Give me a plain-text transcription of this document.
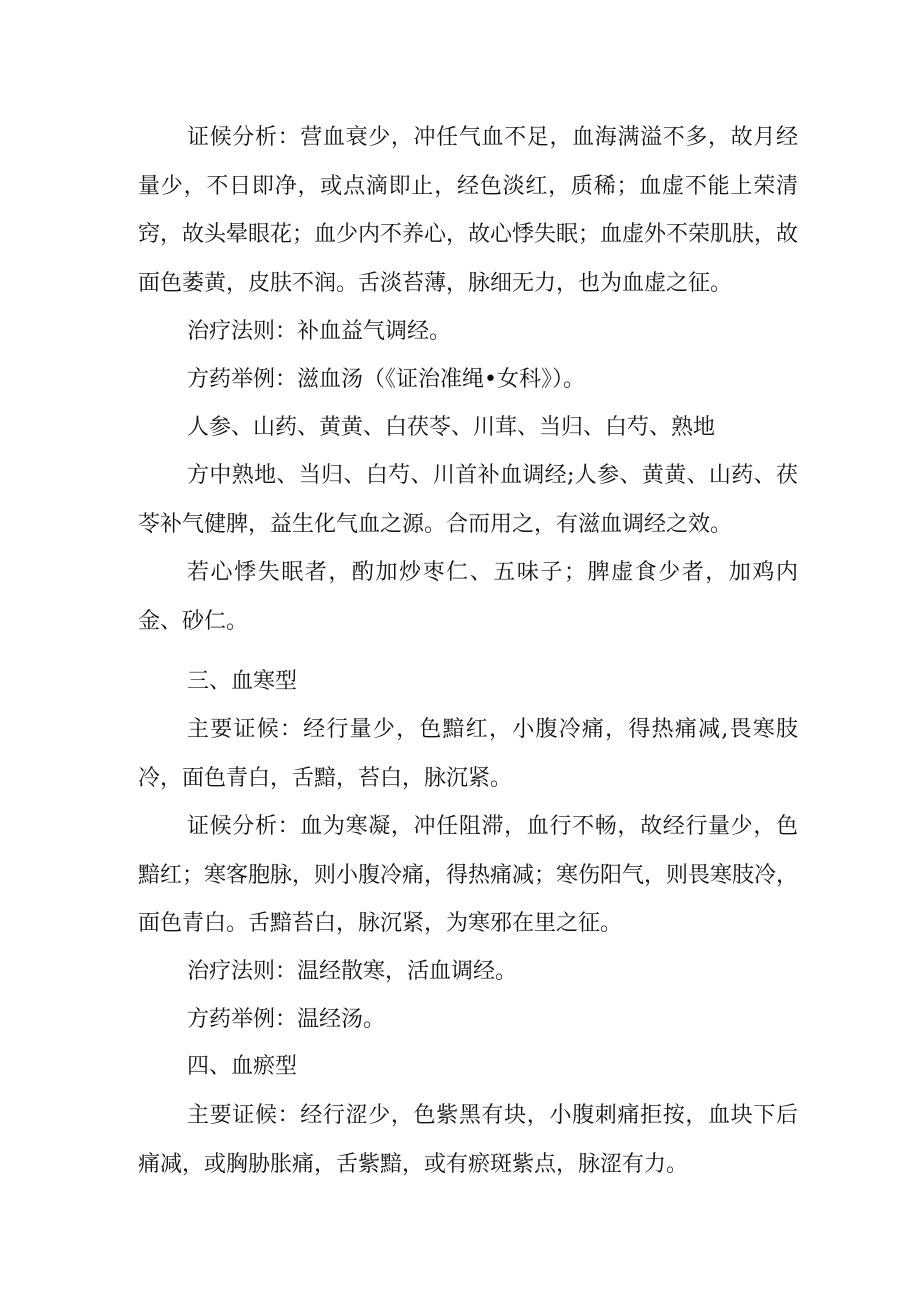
证候分析：营血衰少，冲任气血不足，血海满溢不多，故月经量少，不日即净，或点滴即止，经色淡红，质稀；血虚不能上荣清窍，故头晕眼花；血少内不养心，故心悸失眠；血虚外不荣肌肤，故面色萎黄，皮肤不润。舌淡苔薄，脉细无力，也为血虚之征。

治疗法则：补血益气调经。

方药举例：滋血汤（《证治准绳•女科》）。

人参、山药、黄黄、白茯苓、川茸、当归、白芍、熟地

方中熟地、当归、白芍、川首补血调经;人参、黄黄、山药、茯苓补气健脾，益生化气血之源。合而用之，有滋血调经之效。

若心悸失眠者，酌加炒枣仁、五味子；脾虚食少者，加鸡内金、砂仁。

三、血寒型

主要证候：经行量少，色黯红，小腹冷痛，得热痛减,畏寒肢冷，面色青白，舌黯，苔白，脉沉紧。

证候分析：血为寒凝，冲任阻滞，血行不畅，故经行量少，色黯红；寒客胞脉，则小腹冷痛，得热痛减；寒伤阳气，则畏寒肢冷，面色青白。舌黯苔白，脉沉紧，为寒邪在里之征。

治疗法则：温经散寒，活血调经。

方药举例：温经汤。

四、血瘀型

主要证候：经行涩少，色紫黑有块，小腹刺痛拒按，血块下后痛减，或胸胁胀痛，舌紫黯，或有瘀斑紫点，脉涩有力。
